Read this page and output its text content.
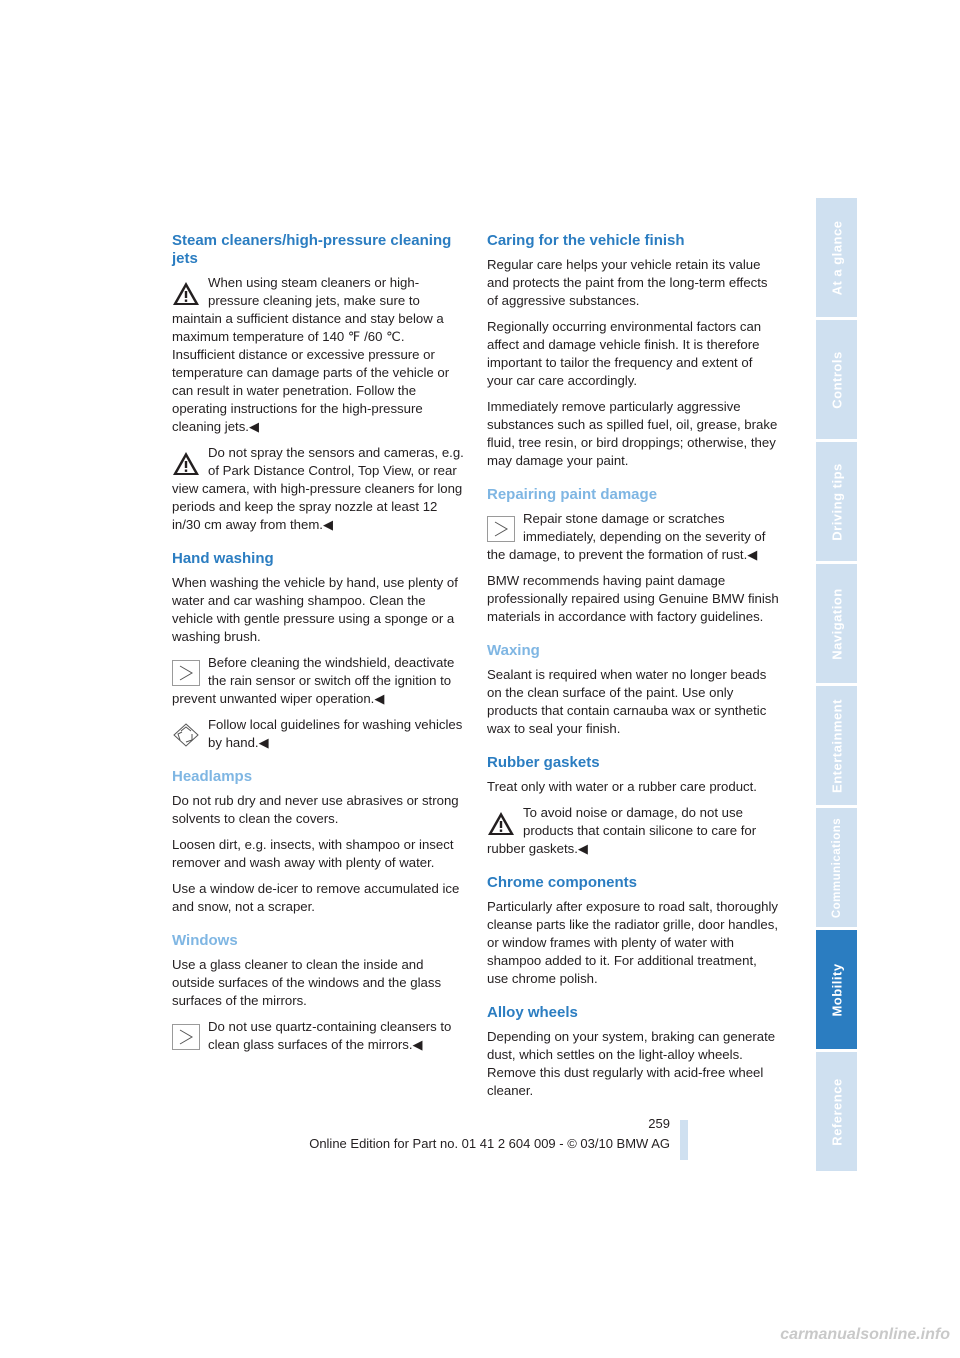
Steam cleaners/high-pressure cleaning jets
When using steam cleaners or high-pressure cleaning jets, make sure to maintain a sufficient distance and stay below a maximum temperature of 140 ℉ /60 ℃. Insufficient distance or excessive pressure or temperature can damage parts of the vehicle or can result in water penetration. Follow the operating instructions for the high-pressure cleaning jets.◀
Do not spray the sensors and cameras, e.g. of Park Distance Control, Top View, or rear view camera, with high-pressure cleaners for long periods and keep the spray nozzle at least 12 in/30 cm away from them.◀
Hand washing

When washing the vehicle by hand, use plenty of water and car washing shampoo. Clean the vehicle with gentle pressure using a sponge or a washing brush.

Before cleaning the windshield, deactivate the rain sensor or switch off the ignition to prevent unwanted wiper operation.◀
Follow local guidelines for washing vehicles by hand.◀
Headlamps

Do not rub dry and never use abrasives or strong solvents to clean the covers.

Loosen dirt, e.g. insects, with shampoo or insect remover and wash away with plenty of water.

Use a window de-icer to remove accumulated ice and snow, not a scraper.

Windows

Use a glass cleaner to clean the inside and outside surfaces of the windows and the glass surfaces of the mirrors.

Do not use quartz-containing cleansers to clean glass surfaces of the mirrors.◀
Caring for the vehicle finish

Regular care helps your vehicle retain its value and protects the paint from the long-term effects of aggressive substances.

Regionally occurring environmental factors can affect and damage vehicle finish. It is therefore important to tailor the frequency and extent of your car care accordingly.

Immediately remove particularly aggressive substances such as spilled fuel, oil, grease, brake fluid, tree resin, or bird droppings; otherwise, they may damage your paint.

Repairing paint damage
Repair stone damage or scratches immediately, depending on the severity of the damage, to prevent the formation of rust.◀

BMW recommends having paint damage professionally repaired using Genuine BMW finish materials in accordance with factory guidelines.

Waxing

Sealant is required when water no longer beads on the clean surface of the paint. Use only products that contain carnauba wax or synthetic wax to seal your finish.

Rubber gaskets

Treat only with water or a rubber care product.

To avoid noise or damage, do not use products that contain silicone to care for rubber gaskets.◀
Chrome components

Particularly after exposure to road salt, thoroughly cleanse parts like the radiator grille, door handles, or window frames with plenty of water with shampoo added to it. For additional treatment, use chrome polish.

Alloy wheels

Depending on your system, braking can generate dust, which settles on the light-alloy wheels. Remove this dust regularly with acid-free wheel cleaner.

At a glance
Controls
Driving tips
Navigation
Entertainment
Communications
Mobility
Reference
259
Online Edition for Part no. 01 41 2 604 009 - © 03/10 BMW AG
carmanualsonline.info
